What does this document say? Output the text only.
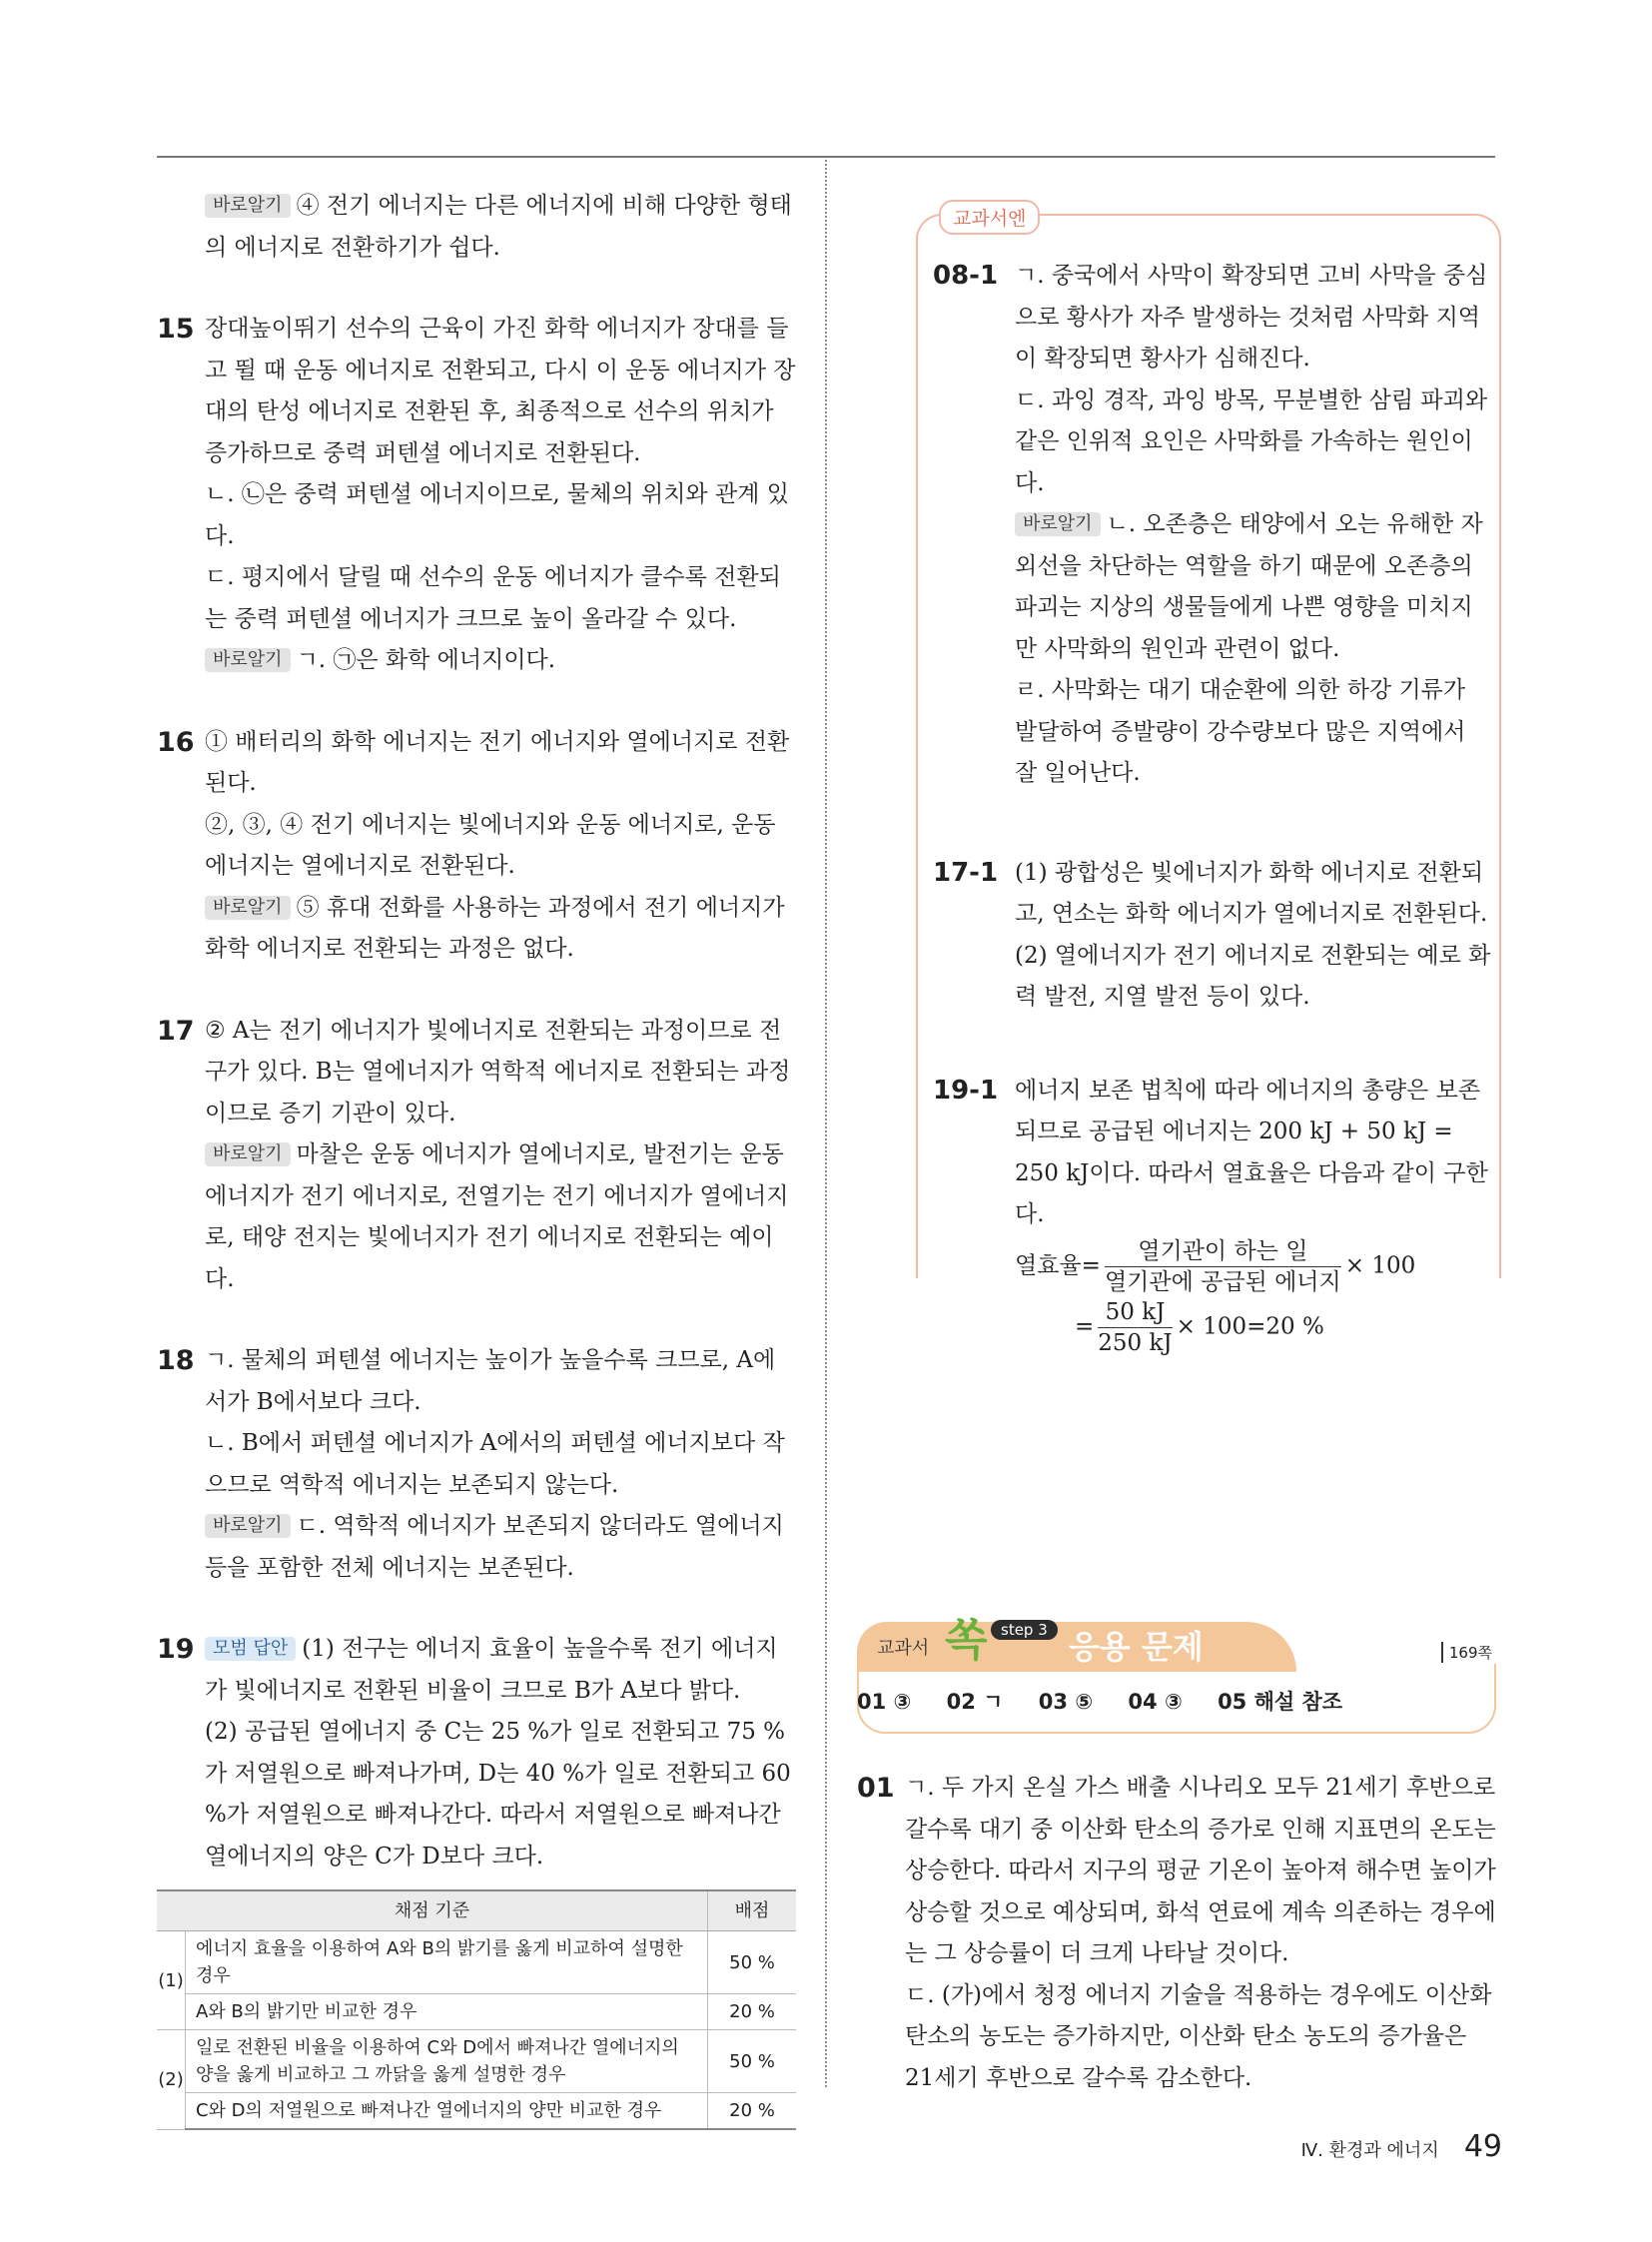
바로알기 ④ 전기 에너지는 다른 에너지에 비해 다양한 형태의 에너지로 전환하기가 쉽다.

15 장대높이뛰기 선수의 근육이 가진 화학 에너지가 장대를 들고 뛸 때 운동 에너지로 전환되고, 다시 이 운동 에너지가 장대의 탄성 에너지로 전환된 후, 최종적으로 선수의 위치가 증가하므로 중력 퍼텐셜 에너지로 전환된다.

ㄴ. ㉡은 중력 퍼텐셜 에너지이므로, 물체의 위치와 관계 있다.

ㄷ. 평지에서 달릴 때 선수의 운동 에너지가 클수록 전환되는 중력 퍼텐셜 에너지가 크므로 높이 올라갈 수 있다.

바로알기 ㄱ. ㉠은 화학 에너지이다.

16 ① 배터리의 화학 에너지는 전기 에너지와 열에너지로 전환된다.

②, ③, ④ 전기 에너지는 빛에너지와 운동 에너지로, 운동 에너지는 열에너지로 전환된다.

바로알기 ⑤ 휴대 전화를 사용하는 과정에서 전기 에너지가 화학 에너지로 전환되는 과정은 없다.

17 ② A는 전기 에너지가 빛에너지로 전환되는 과정이므로 전구가 있다. B는 열에너지가 역학적 에너지로 전환되는 과정이므로 증기 기관이 있다.

바로알기 마찰은 운동 에너지가 열에너지로, 발전기는 운동 에너지가 전기 에너지로, 전열기는 전기 에너지가 열에너지로, 태양 전지는 빛에너지가 전기 에너지로 전환되는 예이다.

18 ㄱ. 물체의 퍼텐셜 에너지는 높이가 높을수록 크므로, A에서가 B에서보다 크다.

ㄴ. B에서 퍼텐셜 에너지가 A에서의 퍼텐셜 에너지보다 작으므로 역학적 에너지는 보존되지 않는다.

바로알기 ㄷ. 역학적 에너지가 보존되지 않더라도 열에너지 등을 포함한 전체 에너지는 보존된다.

19	모범 답안 (1) 전구는 에너지 효율이 높을수록 전기 에너지가 빛에너지로 전환된 비율이 크므로 B가 A보다 밝다.

(2) 공급된 열에너지 중 C는 25 %가 일로 전환되고 75 %가 저열원으로 빠져나가며, D는 40 %가 일로 전환되고 60 %가 저열원으로 빠져나간다. 따라서 저열원으로 빠져나간 열에너지의 양은 C가 D보다 크다.

채점 기준		배점
(1)	에너지 효율을 이용하여 A와 B의 밝기를 옳게 비교하여 설명한 경우	50 %
	A와 B의 밝기만 비교한 경우	20 %
(2)	일로 전환된 비율을 이용하여 C와 D에서 빠져나간 열에너지의 양을 옳게 비교하고 그 까닭을 옳게 설명한 경우	50 %
	C와 D의 저열원으로 빠져나간 열에너지의 양만 비교한 경우	20 %
교과서엔
08-1 ㄱ. 중국에서 사막이 확장되면 고비 사막을 중심으로 황사가 자주 발생하는 것처럼 사막화 지역이 확장되면 황사가 심해진다.

ㄷ. 과잉 경작, 과잉 방목, 무분별한 삼림 파괴와 같은 인위적 요인은 사막화를 가속하는 원인이다.

바로알기 ㄴ. 오존층은 태양에서 오는 유해한 자외선을 차단하는 역할을 하기 때문에 오존층의 파괴는 지상의 생물들에게 나쁜 영향을 미치지만 사막화의 원인과 관련이 없다.

ㄹ. 사막화는 대기 대순환에 의한 하강 기류가 발달하여 증발량이 강수량보다 많은 지역에서 잘 일어난다.

17-1 (1) 광합성은 빛에너지가 화학 에너지로 전환되고, 연소는 화학 에너지가 열에너지로 전환된다.

(2) 열에너지가 전기 에너지로 전환되는 예로 화력 발전, 지열 발전 등이 있다.

19-1 에너지 보존 법칙에 따라 에너지의 총량은 보존되므로 공급된 에너지는 200 kJ + 50 kJ = 250 kJ이다. 따라서 열효율은 다음과 같이 구한다.

열효율= $\frac{\text{열기관이 하는 일}}{\text{열기관에 공급된 에너지}} \times 100$
= $\frac{50 kJ}{250 kJ} \times 100=20$ %
교과서 쏙 step 3 응용 문제	169쪽
01 ③ 02 ㄱ 03 ⑤ 04 ③ 05 해설 참조
01 ㄱ. 두 가지 온실 가스 배출 시나리오 모두 21세기 후반으로 갈수록 대기 중 이산화 탄소의 증가로 인해 지표면의 온도는 상승한다. 따라서 지구의 평균 기온이 높아져 해수면 높이가 상승할 것으로 예상되며, 화석 연료에 계속 의존하는 경우에는 그 상승률이 더 크게 나타날 것이다.

ㄷ. (가)에서 청정 에너지 기술을 적용하는 경우에도 이산화 탄소의 농도는 증가하지만, 이산화 탄소 농도의 증가율은 21세기 후반으로 갈수록 감소한다.

Ⅳ. 환경과 에너지 49
